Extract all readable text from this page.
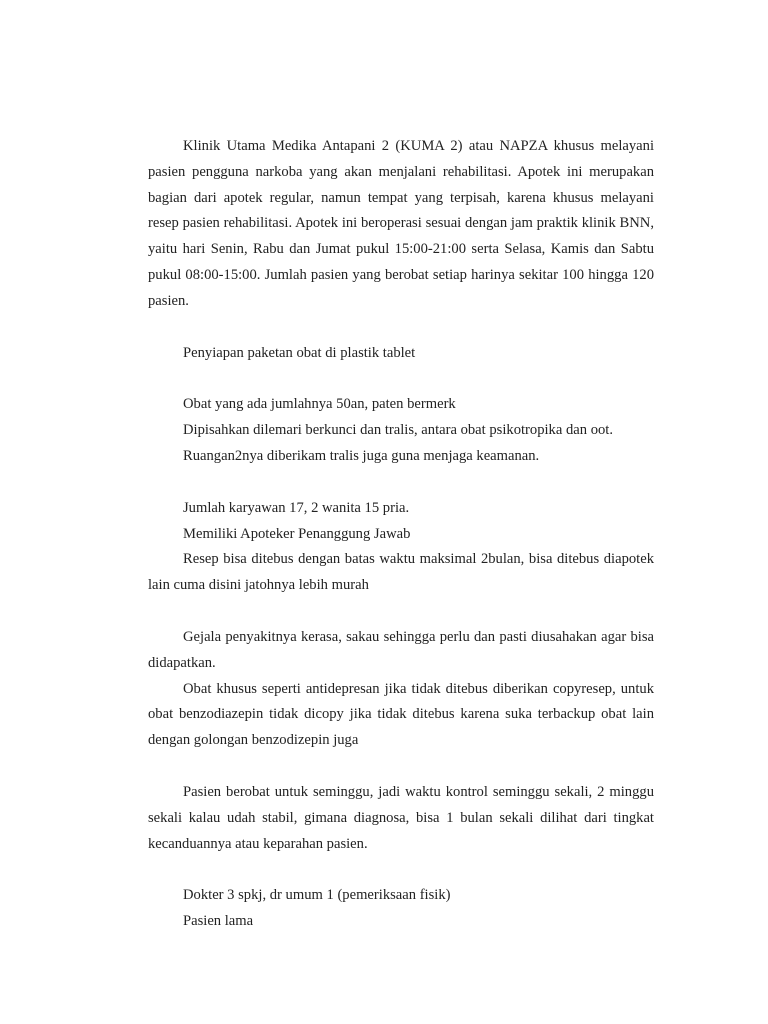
Klinik Utama Medika Antapani 2 (KUMA 2) atau NAPZA khusus melayani pasien pengguna narkoba yang akan menjalani rehabilitasi. Apotek ini merupakan bagian dari apotek regular, namun tempat yang terpisah, karena khusus melayani resep pasien rehabilitasi. Apotek ini beroperasi sesuai dengan jam praktik klinik BNN, yaitu hari Senin, Rabu dan Jumat pukul 15:00-21:00 serta Selasa, Kamis dan Sabtu pukul 08:00-15:00. Jumlah pasien yang berobat setiap harinya sekitar 100 hingga 120 pasien.

Penyiapan paketan obat di plastik tablet

Obat yang ada jumlahnya 50an, paten bermerk

Dipisahkan dilemari berkunci dan tralis, antara obat psikotropika dan oot.

Ruangan2nya diberikam tralis juga guna menjaga keamanan.

Jumlah karyawan 17, 2 wanita 15 pria.

Memiliki Apoteker Penanggung Jawab

Resep bisa ditebus dengan batas waktu maksimal 2bulan, bisa ditebus diapotek lain cuma disini jatohnya lebih murah

Gejala penyakitnya kerasa, sakau sehingga perlu dan pasti diusahakan agar bisa didapatkan.

Obat khusus seperti antidepresan jika tidak ditebus diberikan copyresep, untuk obat benzodiazepin tidak dicopy jika tidak ditebus karena suka terbackup obat lain dengan golongan benzodizepin juga

Pasien berobat untuk seminggu, jadi waktu kontrol seminggu sekali, 2 minggu sekali kalau udah stabil, gimana diagnosa, bisa 1 bulan sekali dilihat dari tingkat kecanduannya atau keparahan pasien.

Dokter 3 spkj, dr umum 1 (pemeriksaan fisik)

Pasien lama
